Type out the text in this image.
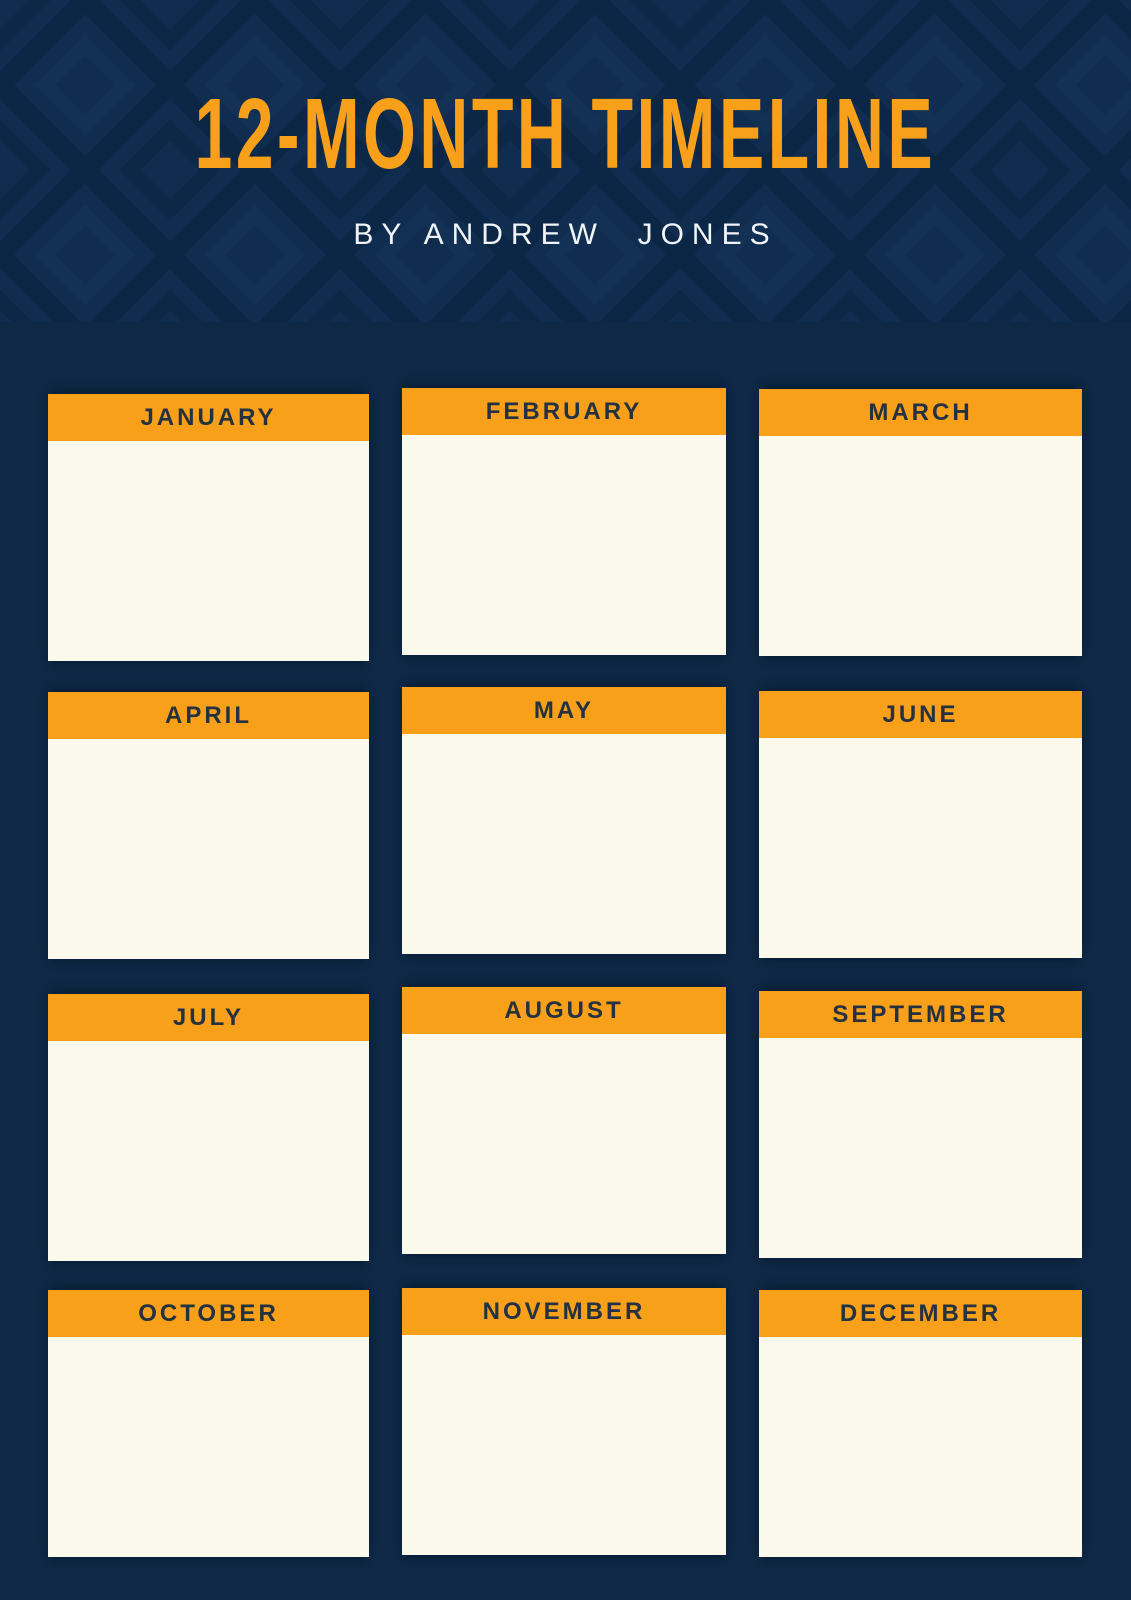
12-MONTH TIMELINE
BY ANDREW  JONES
JANUARY	FEBRUARY	MARCH
APRIL	MAY	JUNE
JULY	AUGUST	SEPTEMBER
OCTOBER	NOVEMBER	DECEMBER
